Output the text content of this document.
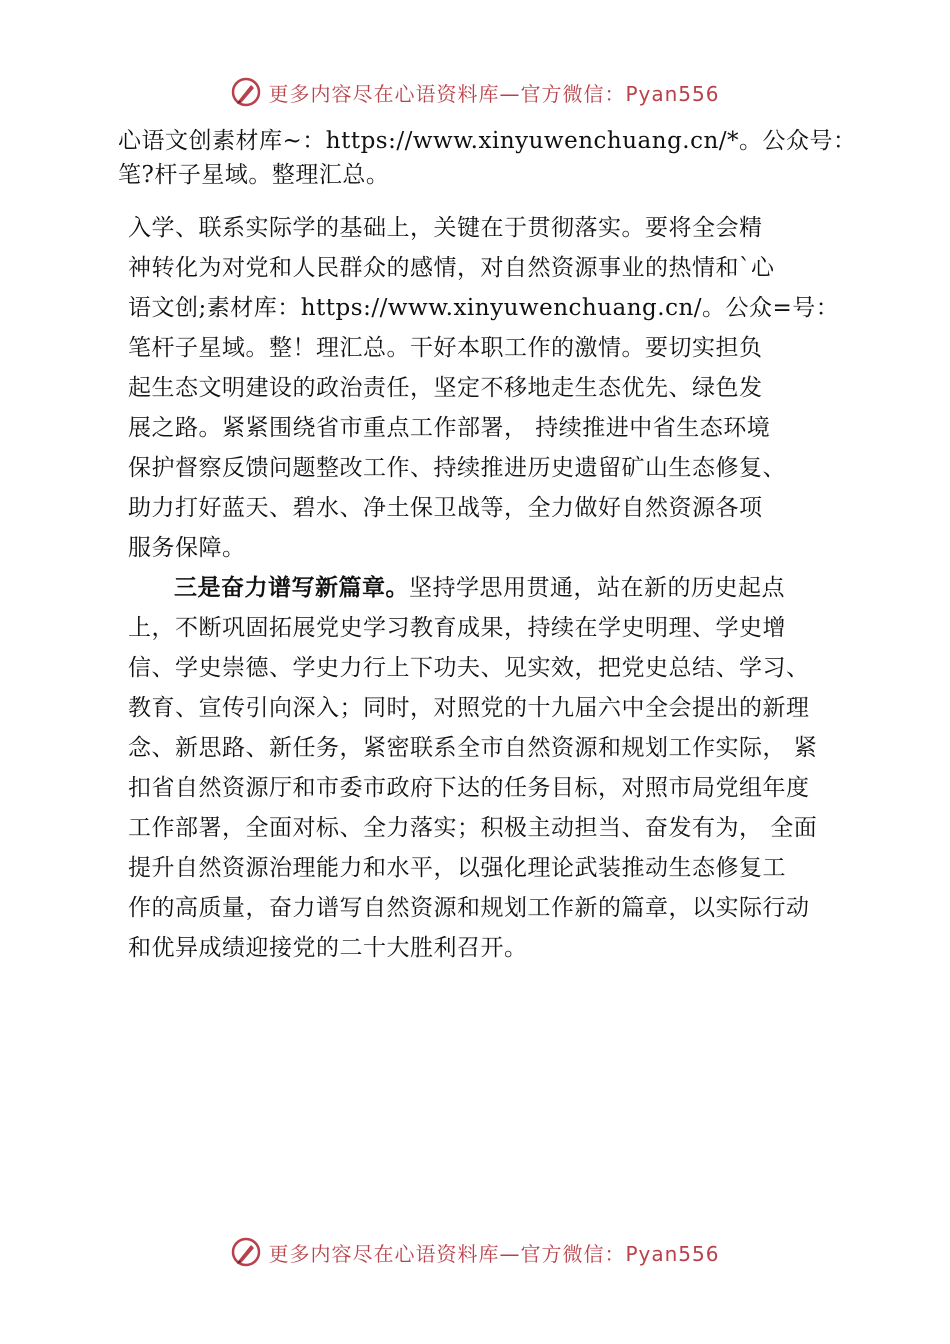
更多内容尽在心语资料库—官方微信：Pyan556
心语文创素材库~：https://www.xinyuwenchuang.cn/*。公众号：
笔?杆子星域。整理汇总。
入学、联系实际学的基础上，关键在于贯彻落实。要将全会精
神转化为对党和人民群众的感情，对自然资源事业的热情和`心
语文创;素材库：https://www.xinyuwenchuang.cn/。公众=号：
笔杆子星域。整！理汇总。干好本职工作的激情。要切实担负
起生态文明建设的政治责任，坚定不移地走生态优先、绿色发
展之路。紧紧围绕省市重点工作部署， 持续推进中省生态环境
保护督察反馈问题整改工作、持续推进历史遗留矿山生态修复、
助力打好蓝天、碧水、净土保卫战等，全力做好自然资源各项
服务保障。
三是奋力谱写新篇章。坚持学思用贯通，站在新的历史起点
上，不断巩固拓展党史学习教育成果，持续在学史明理、学史增
信、学史崇德、学史力行上下功夫、见实效，把党史总结、学习、
教育、宣传引向深入；同时，对照党的十九届六中全会提出的新理
念、新思路、新任务，紧密联系全市自然资源和规划工作实际， 紧
扣省自然资源厅和市委市政府下达的任务目标，对照市局党组年度
工作部署，全面对标、全力落实；积极主动担当、奋发有为， 全面
提升自然资源治理能力和水平，以强化理论武装推动生态修复工
作的高质量，奋力谱写自然资源和规划工作新的篇章，以实际行动
和优异成绩迎接党的二十大胜利召开。
更多内容尽在心语资料库—官方微信：Pyan556
